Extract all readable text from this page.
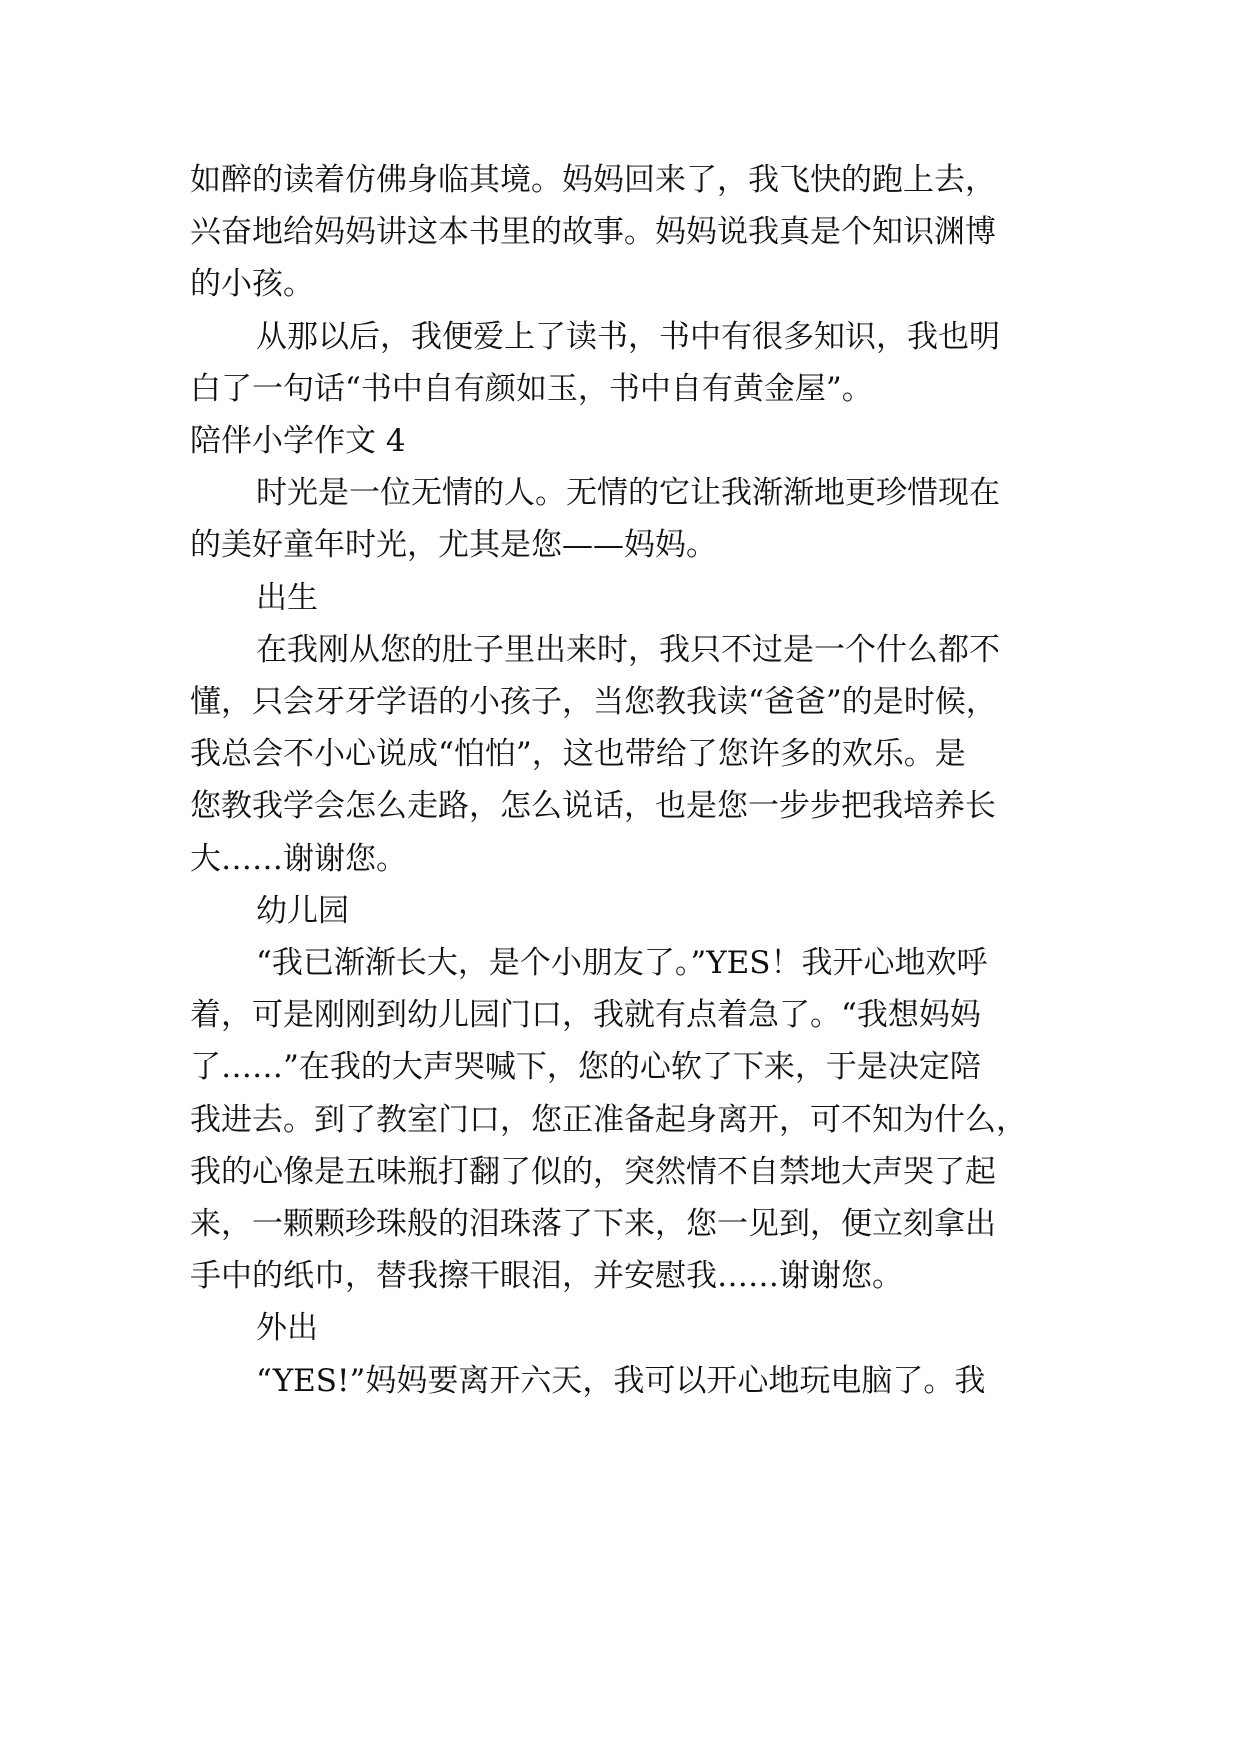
如醉的读着仿佛身临其境。妈妈回来了，我飞快的跑上去，
兴奋地给妈妈讲这本书里的故事。妈妈说我真是个知识渊博
的小孩。
从那以后，我便爱上了读书，书中有很多知识，我也明
白了一句话“书中自有颜如玉，书中自有黄金屋”。
陪伴小学作文 4
时光是一位无情的人。无情的它让我渐渐地更珍惜现在
的美好童年时光，尤其是您——妈妈。
出生
在我刚从您的肚子里出来时，我只不过是一个什么都不
懂，只会牙牙学语的小孩子，当您教我读“爸爸”的是时候，
我总会不小心说成“怕怕”，这也带给了您许多的欢乐。是
您教我学会怎么走路，怎么说话，也是您一步步把我培养长
大……谢谢您。
幼儿园
“我已渐渐长大，是个小朋友了。”YES！我开心地欢呼
着，可是刚刚到幼儿园门口，我就有点着急了。“我想妈妈
了……”在我的大声哭喊下，您的心软了下来，于是决定陪
我进去。到了教室门口，您正准备起身离开，可不知为什么，
我的心像是五味瓶打翻了似的，突然情不自禁地大声哭了起
来，一颗颗珍珠般的泪珠落了下来，您一见到，便立刻拿出
手中的纸巾，替我擦干眼泪，并安慰我……谢谢您。
外出
“YES!”妈妈要离开六天，我可以开心地玩电脑了。我
